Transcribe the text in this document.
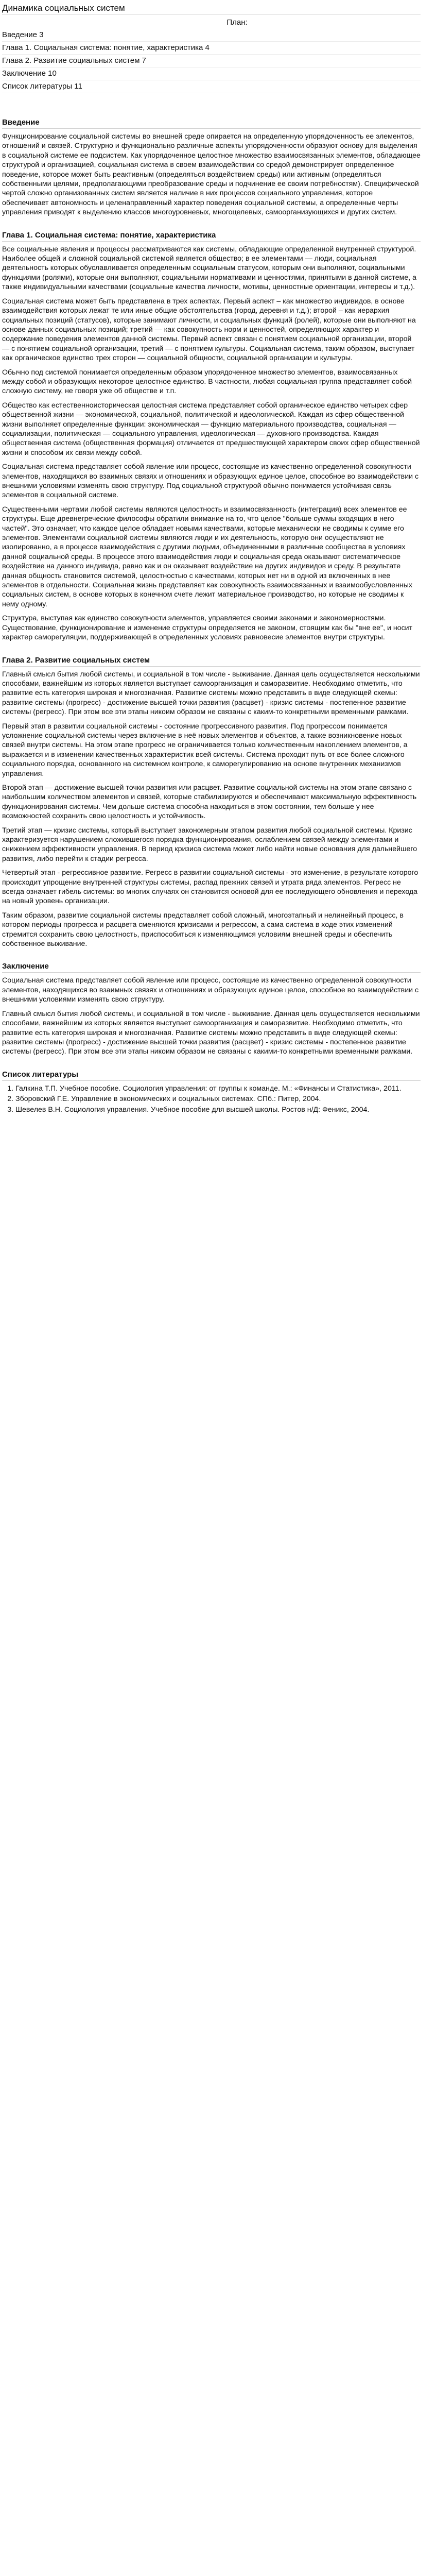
Динамика социальных систем
План:
Введение 3
Глава 1. Социальная система: понятие, характеристика 4
Глава 2. Развитие социальных систем 7
Заключение 10
Список литературы 11
Введение

Функционирование социальной системы во внешней среде опирается на определенную упорядоченность ее элементов, отношений и связей. Структурно и функционально различные аспекты упорядоченности образуют основу для выделения в социальной системе ее подсистем. Как упорядоченное целостное множество взаимосвязанных элементов, обладающее структурой и организацией, социальная система в своем взаимодействии со средой демонстрирует определенное поведение, которое может быть реактивным (определяться воздействием среды) или активным (определяться собственными целями, предполагающими преобразование среды и подчинение ее своим потребностям). Специфической чертой сложно организованных систем является наличие в них процессов социального управления, которое обеспечивает автономность и целенаправленный характер поведения социальной системы, а определенные черты управления приводят к выделению классов многоуровневых, многоцелевых, самоорганизующихся и других систем.

Глава 1. Социальная система: понятие, характеристика

Все социальные явления и процессы рассматриваются как системы, обладающие определенной внутренней структурой. Наиболее общей и сложной социальной системой является общество; в ее элементами — люди, социальная деятельность которых обуславливается определенным социальным статусом, которым они выполняют, социальными функциями (ролями), которые они выполняют, социальными нормативами и ценностями, принятыми в данной системе, а также индивидуальными качествами (социальные качества личности, мотивы, ценностные ориентации, интересы и т.д.).

Социальная система может быть представлена в трех аспектах. Первый аспект – как множество индивидов, в основе взаимодействия которых лежат те или иные общие обстоятельства (город, деревня и т.д.); второй – как иерархия социальных позиций (статусов), которые занимают личности, и социальных функций (ролей), которые они выполняют на основе данных социальных позиций; третий — как совокупность норм и ценностей, определяющих характер и содержание поведения элементов данной системы. Первый аспект связан с понятием социальной организации, второй — с понятием социальной организации, третий — с понятием культуры. Социальная система, таким образом, выступает как органическое единство трех сторон — социальной общности, социальной организации и культуры.

Обычно под системой понимается определенным образом упорядоченное множество элементов, взаимосвязанных между собой и образующих некоторое целостное единство. В частности, любая социальная группа представляет собой сложную систему, не говоря уже об обществе и т.п.

Общество как естественноисторическая целостная система представляет собой органическое единство четырех сфер общественной жизни — экономической, социальной, политической и идеологической. Каждая из сфер общественной жизни выполняет определенные функции: экономическая — функцию материального производства, социальная — социализации, политическая — социального управления, идеологическая — духовного производства. Каждая общественная система (общественная формация) отличается от предшествующей характером своих сфер общественной жизни и способом их связи между собой.

Социальная система представляет собой явление или процесс, состоящие из качественно определенной совокупности элементов, находящихся во взаимных связях и отношениях и образующих единое целое, способное во взаимодействии с внешними условиями изменять свою структуру. Под социальной структурой обычно понимается устойчивая связь элементов в социальной системе.

Существенными чертами любой системы являются целостность и взаимосвязанность (интеграция) всех элементов ее структуры. Еще древнегреческие философы обратили внимание на то, что целое "больше суммы входящих в него частей". Это означает, что каждое целое обладает новыми качествами, которые механически не сводимы к сумме его элементов. Элементами социальной системы являются люди и их деятельность, которую они осуществляют не изолированно, а в процессе взаимодействия с другими людьми, объединенными в различные сообщества в условиях данной социальной среды. В процессе этого взаимодействия люди и социальная среда оказывают систематическое воздействие на данного индивида, равно как и он оказывает воздействие на других индивидов и среду. В результате данная общность становится системой, целостностью с качествами, которых нет ни в одной из включенных в нее элементов в отдельности. Социальная жизнь представляет как совокупность взаимосвязанных и взаимообусловленных социальных систем, в основе которых в конечном счете лежит материальное производство, но которые не сводимы к нему одному.

Структура, выступая как единство совокупности элементов, управляется своими законами и закономерностями. Существование, функционирование и изменение структуры определяется не законом, стоящим как бы "вне ее", и носит характер саморегуляции, поддерживающей в определенных условиях равновесие элементов внутри структуры.

Глава 2. Развитие социальных систем

Главный смысл бытия любой системы, и социальной в том числе - выживание. Данная цель осуществляется несколькими способами, важнейшим из которых является выступает самоорганизация и саморазвитие. Необходимо отметить, что развитие есть категория широкая и многозначная. Развитие системы можно представить в виде следующей схемы: развитие системы (прогресс) - достижение высшей точки развития (расцвет) - кризис системы - постепенное развитие системы (регресс). При этом все эти этапы никоим образом не связаны с каким-то конкретными временными рамками.

Первый этап в развитии социальной системы - состояние прогрессивного развития. Под прогрессом понимается усложнение социальной системы через включение в неё новых элементов и объектов, а также возникновение новых связей внутри системы. На этом этапе прогресс не ограничивается только количественным накоплением элементов, а выражается и в изменении качественных характеристик всей системы. Система проходит путь от все более сложного социального порядка, основанного на системном контроле, к саморегулированию на основе внутренних механизмов управления.

Второй этап — достижение высшей точки развития или расцвет. Развитие социальной системы на этом этапе связано с наибольшим количеством элементов и связей, которые стабилизируются и обеспечивают максимальную эффективность функционирования системы. Чем дольше система способна находиться в этом состоянии, тем больше у нее возможностей сохранить свою целостность и устойчивость.

Третий этап — кризис системы, который выступает закономерным этапом развития любой социальной системы. Кризис характеризуется нарушением сложившегося порядка функционирования, ослаблением связей между элементами и снижением эффективности управления. В период кризиса система может либо найти новые основания для дальнейшего развития, либо перейти к стадии регресса.

Четвертый этап - регрессивное развитие. Регресс в развитии социальной системы - это изменение, в результате которого происходит упрощение внутренней структуры системы, распад прежних связей и утрата ряда элементов. Регресс не всегда означает гибель системы: во многих случаях он становится основой для ее последующего обновления и перехода на новый уровень организации.

Таким образом, развитие социальной системы представляет собой сложный, многоэтапный и нелинейный процесс, в котором периоды прогресса и расцвета сменяются кризисами и регрессом, а сама система в ходе этих изменений стремится сохранить свою целостность, приспособиться к изменяющимся условиям внешней среды и обеспечить собственное выживание.

Заключение

Социальная система представляет собой явление или процесс, состоящие из качественно определенной совокупности элементов, находящихся во взаимных связях и отношениях и образующих единое целое, способное во взаимодействии с внешними условиями изменять свою структуру.

Главный смысл бытия любой системы, и социальной в том числе - выживание. Данная цель осуществляется несколькими способами, важнейшим из которых является выступает самоорганизация и саморазвитие. Необходимо отметить, что развитие есть категория широкая и многозначная. Развитие системы можно представить в виде следующей схемы: развитие системы (прогресс) - достижение высшей точки развития (расцвет) - кризис системы - постепенное развитие системы (регресс). При этом все эти этапы никоим образом не связаны с какими-то конкретными временными рамками.

Список литературы
1. Галкина Т.П. Учебное пособие. Социология управления: от группы к команде. М.: «Финансы и Статистика», 2011.
2. Зборовский Г.Е. Управление в экономических и социальных системах. СПб.: Питер, 2004.
3. Шевелев В.Н. Социология управления. Учебное пособие для высшей школы. Ростов н/Д: Феникс, 2004.
